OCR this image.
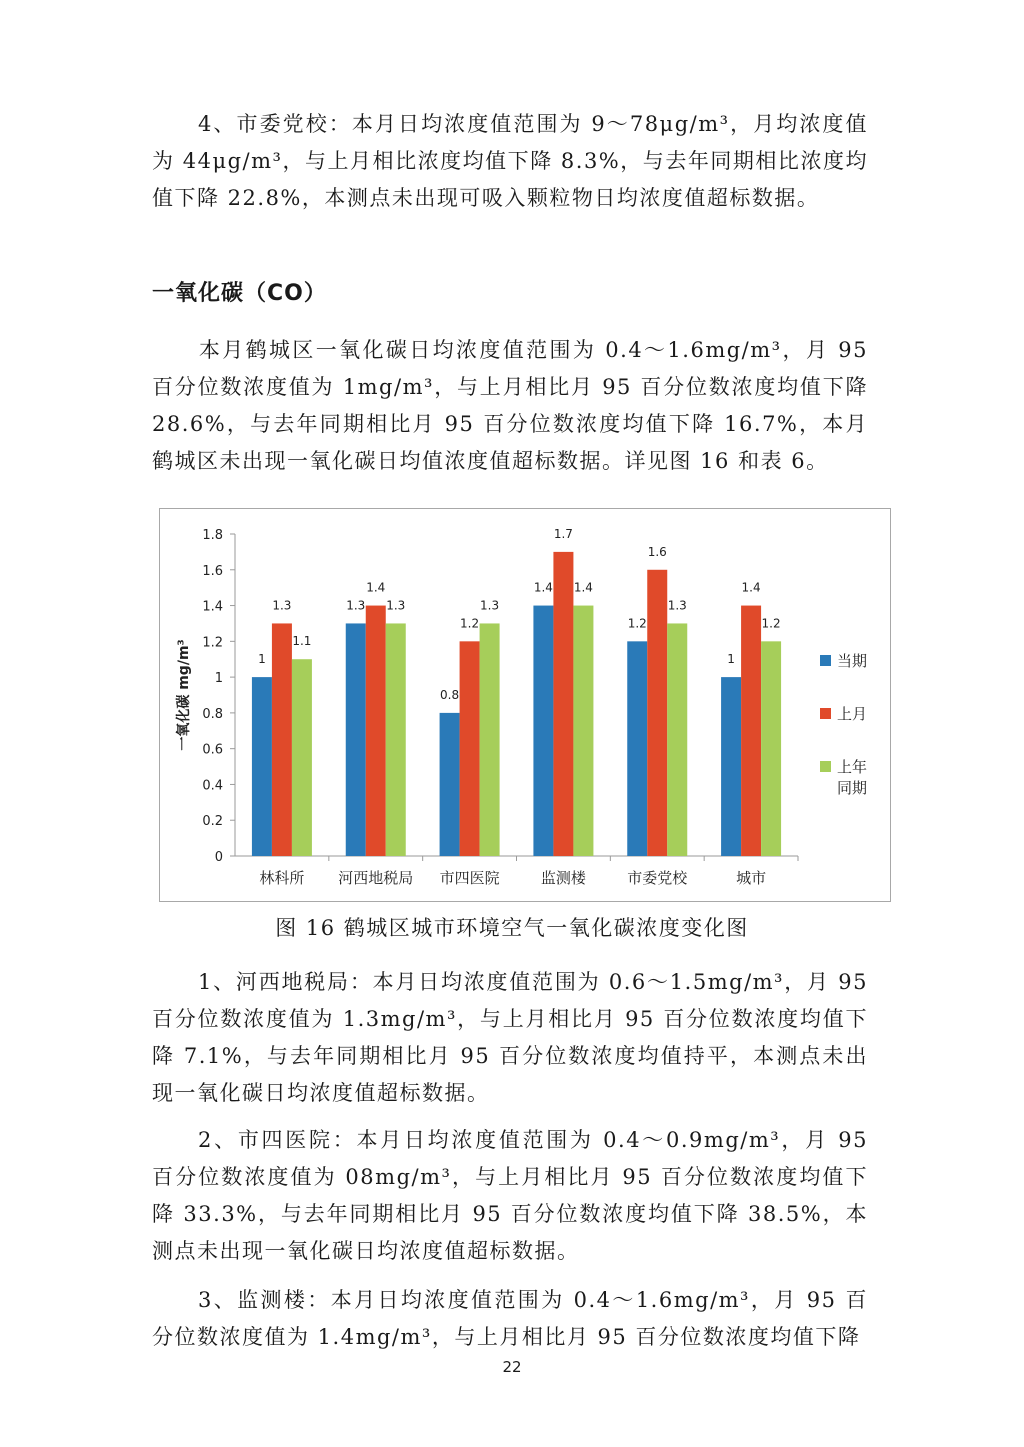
4、市委党校：本月日均浓度值范围为 9～78μg/m³，月均浓度值为 44μg/m³，与上月相比浓度均值下降 8.3%，与去年同期相比浓度均值下降 22.8%，本测点未出现可吸入颗粒物日均浓度值超标数据。

一氧化碳（CO）

本月鹤城区一氧化碳日均浓度值范围为 0.4～1.6mg/m³，月 95 百分位数浓度值为 1mg/m³，与上月相比月 95 百分位数浓度均值下降 28.6%，与去年同期相比月 95 百分位数浓度均值下降 16.7%，本月鹤城区未出现一氧化碳日均值浓度值超标数据。详见图 16 和表 6。

0
0.2
0.4
0.6
0.8
1
1.2
1.4
1.6
1.8
一氧化碳 mg/m³	1
1.3
1.1
林科所
1.3
1.4
1.3
河西地税局
0.8
1.2
1.3
市四医院
1.4
1.7
1.4
监测楼
1.2
1.6
1.3
市委党校
1
1.4
1.2
城市
当期
上月
上年
同期
图 16 鹤城区城市环境空气一氧化碳浓度变化图

1、河西地税局：本月日均浓度值范围为 0.6～1.5mg/m³，月 95 百分位数浓度值为 1.3mg/m³，与上月相比月 95 百分位数浓度均值下降 7.1%，与去年同期相比月 95 百分位数浓度均值持平，本测点未出现一氧化碳日均浓度值超标数据。

2、市四医院：本月日均浓度值范围为 0.4～0.9mg/m³，月 95 百分位数浓度值为 08mg/m³，与上月相比月 95 百分位数浓度均值下降 33.3%，与去年同期相比月 95 百分位数浓度均值下降 38.5%，本测点未出现一氧化碳日均浓度值超标数据。

3、监测楼：本月日均浓度值范围为 0.4～1.6mg/m³，月 95 百分位数浓度值为 1.4mg/m³，与上月相比月 95 百分位数浓度均值下降

22
